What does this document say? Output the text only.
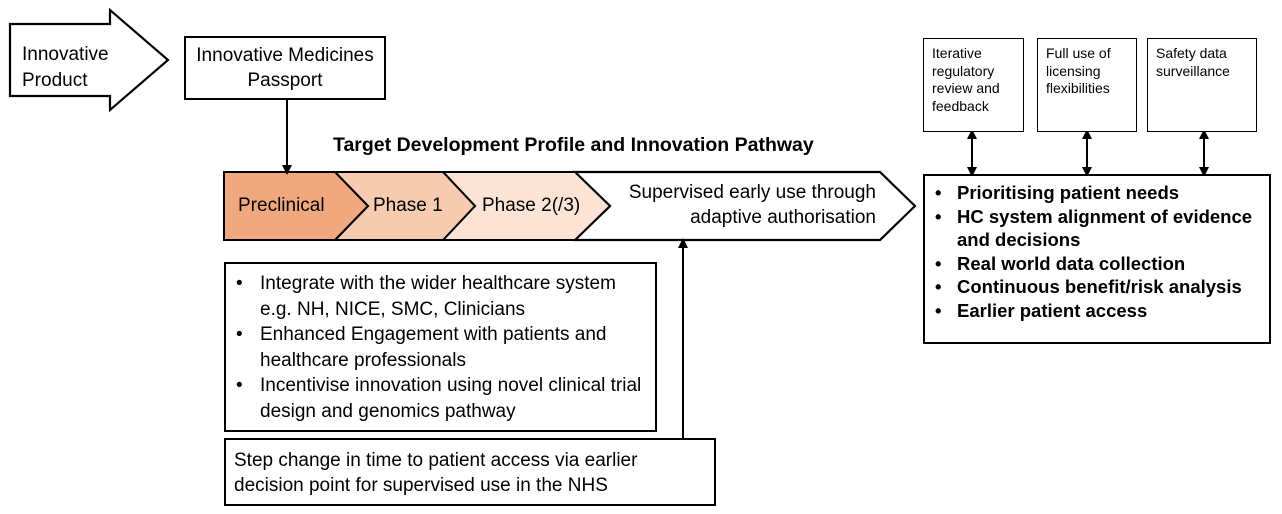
Innovative Product
Innovative Medicines Passport
Target Development Profile and Innovation Pathway
Preclinical	Phase 1 Phase 2(/3)
Supervised early use through adaptive authorisation
• Integrate with the wider healthcare system e.g. NH, NICE, SMC, Clinicians
• Enhanced Engagement with patients and healthcare professionals
• Incentivise innovation using novel clinical trial design and genomics pathway
Step change in time to patient access via earlier decision point for supervised use in the NHS
Iterative regulatory review and feedback
Full use of licensing flexibilities
Safety data surveillance
• Prioritising patient needs
• HC system alignment of evidence and decisions
• Real world data collection
• Continuous benefit/risk analysis
• Earlier patient access
